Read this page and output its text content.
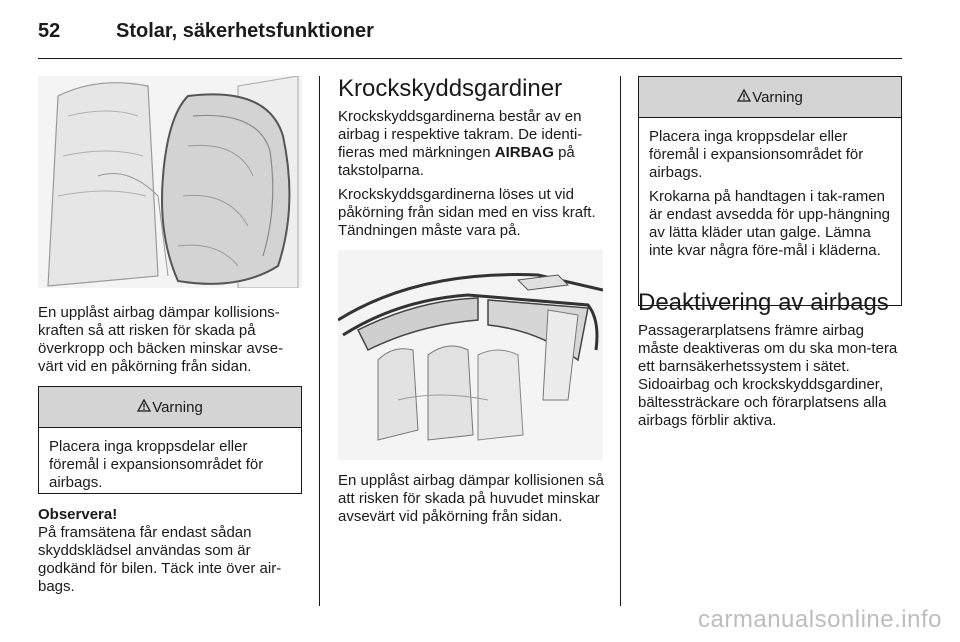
52	Stolar, säkerhetsfunktioner
En upplåst airbag dämpar kollisions-kraften så att risken för skada på överkropp och bäcken minskar avse-värt vid en påkörning från sidan.
Varning

Placera inga kroppsdelar eller föremål i expansionsområdet för airbags.

Observera!
På framsätena får endast sådan skyddsklädsel användas som är godkänd för bilen. Täck inte över air-bags.
Krockskyddsgardiner

Krockskyddsgardinerna består av en airbag i respektive takram. De identi-fieras med märkningen AIRBAG på takstolparna.

Krockskyddsgardinerna löses ut vid påkörning från sidan med en viss kraft. Tändningen måste vara på.

En upplåst airbag dämpar kollisionen så att risken för skada på huvudet minskar avsevärt vid påkörning från sidan.
Varning

Placera inga kroppsdelar eller föremål i expansionsområdet för airbags.

Krokarna på handtagen i tak-ramen är endast avsedda för upp-hängning av lätta kläder utan galge. Lämna inte kvar några före-mål i kläderna.

Deaktivering av airbags

Passagerarplatsens främre airbag måste deaktiveras om du ska mon-tera ett barnsäkerhetssystem i sätet.

Sidoairbag och krockskyddsgardiner, bältessträckare och förarplatsens alla airbags förblir aktiva.

carmanualsonline.info
